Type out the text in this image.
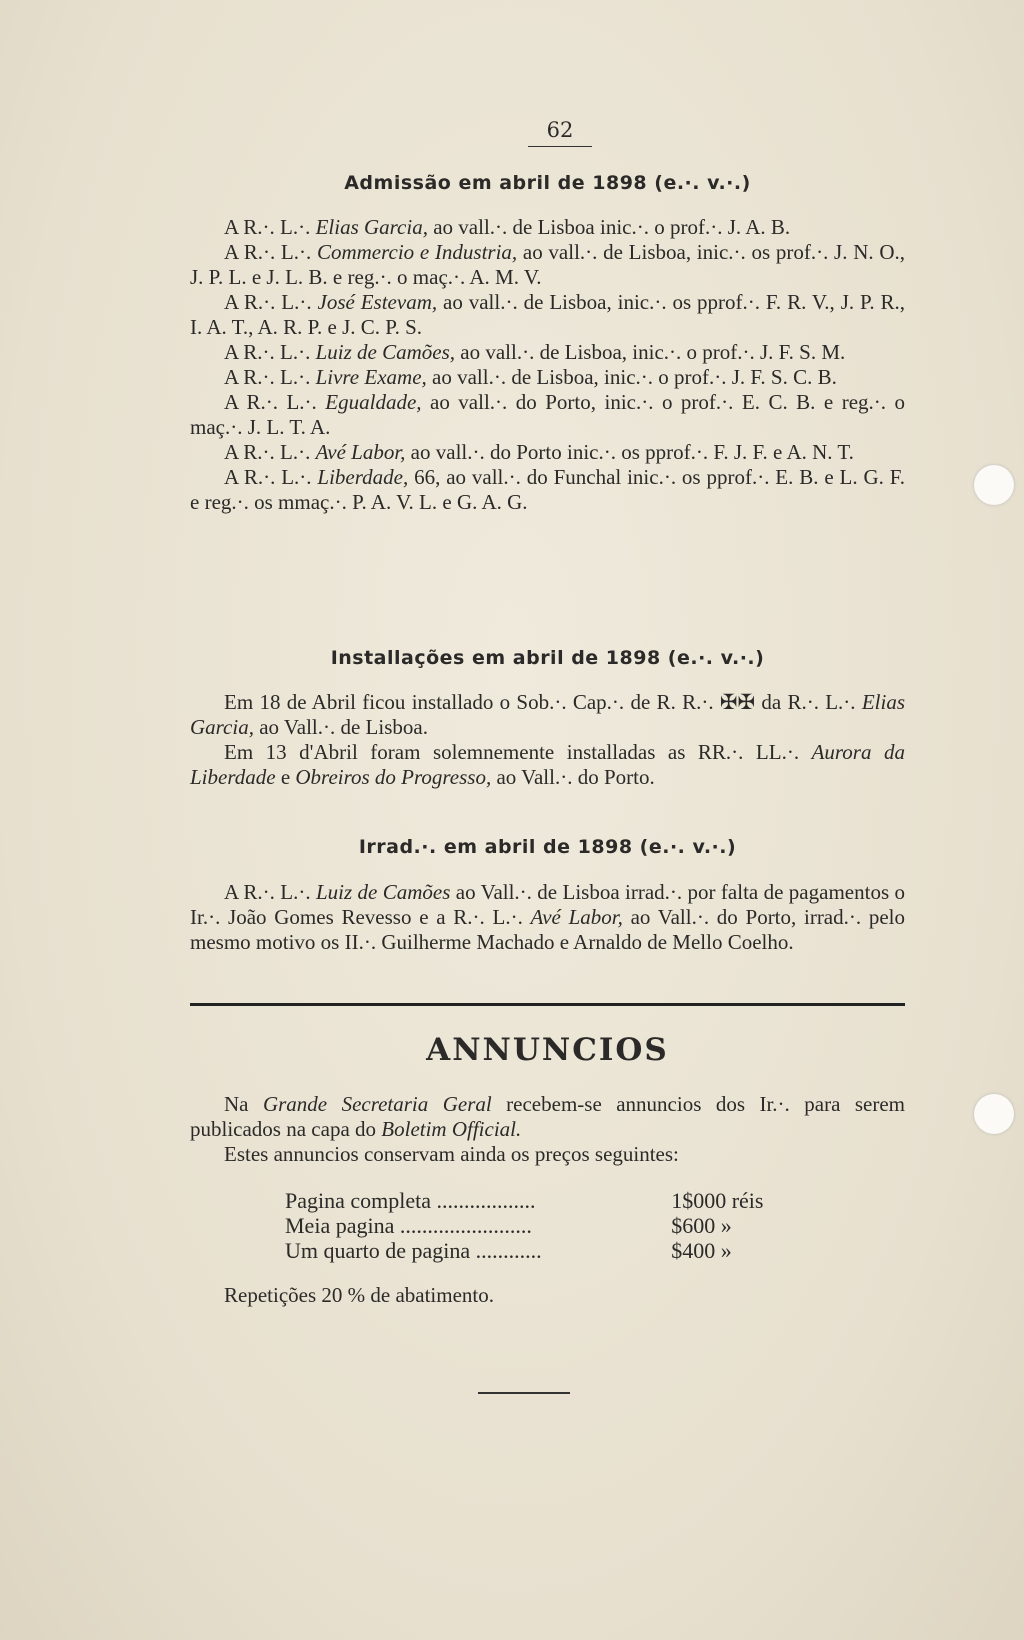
62
Admissão em abril de 1898 (e.·. v.·.)

A R.·. L.·. Elias Garcia, ao vall.·. de Lisboa inic.·. o prof.·. J. A. B.

A R.·. L.·. Commercio e Industria, ao vall.·. de Lisboa, inic.·. os prof.·. J. N. O., J. P. L. e J. L. B. e reg.·. o maç.·. A. M. V.

A R.·. L.·. José Estevam, ao vall.·. de Lisboa, inic.·. os pprof.·. F. R. V., J. P. R., I. A. T., A. R. P. e J. C. P. S.

A R.·. L.·. Luiz de Camões, ao vall.·. de Lisboa, inic.·. o prof.·. J. F. S. M.

A R.·. L.·. Livre Exame, ao vall.·. de Lisboa, inic.·. o prof.·. J. F. S. C. B.

A R.·. L.·. Egualdade, ao vall.·. do Porto, inic.·. o prof.·. E. C. B. e reg.·. o maç.·. J. L. T. A.

A R.·. L.·. Avé Labor, ao vall.·. do Porto inic.·. os pprof.·. F. J. F. e A. N. T.

A R.·. L.·. Liberdade, 66, ao vall.·. do Funchal inic.·. os pprof.·. E. B. e L. G. F. e reg.·. os mmaç.·. P. A. V. L. e G. A. G.

Installações em abril de 1898 (e.·. v.·.)

Em 18 de Abril ficou installado o Sob.·. Cap.·. de R. R.·. ✠✠ da R.·. L.·. Elias Garcia, ao Vall.·. de Lisboa.

Em 13 d'Abril foram solemnemente installadas as RR.·. LL.·. Aurora da Liberdade e Obreiros do Progresso, ao Vall.·. do Porto.

Irrad.·. em abril de 1898 (e.·. v.·.)

A R.·. L.·. Luiz de Camões ao Vall.·. de Lisboa irrad.·. por falta de pagamentos o Ir.·. João Gomes Revesso e a R.·. L.·. Avé Labor, ao Vall.·. do Porto, irrad.·. pelo mesmo motivo os II.·. Guilherme Machado e Arnaldo de Mello Coelho.

ANNUNCIOS

Na Grande Secretaria Geral recebem-se annuncios dos Ir.·. para serem publicados na capa do Boletim Official.

Estes annuncios conservam ainda os preços seguintes:

Pagina completa ..................	1$000 réis
Meia pagina ........................	$600 »
Um quarto de pagina ............	$400 »

Repetições 20 % de abatimento.
